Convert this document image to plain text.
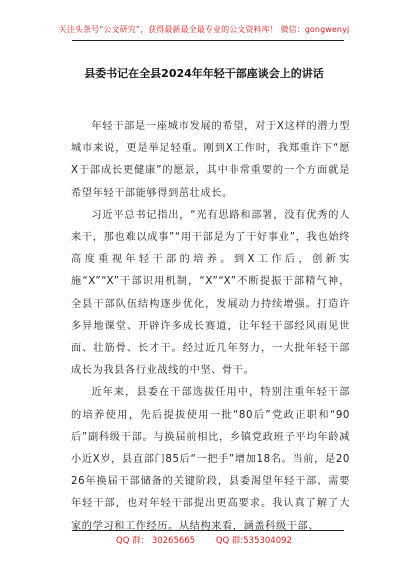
关注头条号“公文研究”，获得最新最全最专业的公文资料库！ 微信：gongwenyj
县委书记在全县2024年年轻干部座谈会上的讲话

年轻干部是一座城市发展的希望，对于X这样的潜力型城市来说，更是举足轻重。刚到X工作时，我郑重许下“愿X于部成长更健康”的愿景，其中非常重要的一个方面就是希望年轻干部能够得到茁壮成长。

习近平总书记指出，“光有思路和部署，没有优秀的人来干，那也难以成事”“用干部是为了干好事业”，我也始终高度重视年轻干部的培养。到X工作后，创新实施“X”“X”干部识用机制，“X”“X”不断提振干部精气神，全县干部队伍结构逐步优化，发展动力持续增强。打造许多异地课堂、开辟许多成长赛道，让年轻干部经风雨见世面、壮筋骨、长才干。经过近几年努力，一大批年轻干部成长为我县各行业战线的中坚、骨干。

近年来，县委在干部选拔任用中，特别注重年轻干部的培养使用，先后提拔使用一批“80后”党政正职和“90后”副科级干部。与换届前相比，乡镇党政班子平均年龄减小近X岁，县直部门85后“一把手”增加18名。当前，是2026年换届干部储备的关键阶段，县委渴望年轻干部、需要年轻干部，也对年轻干部提出更高要求。我认真了解了大家的学习和工作经历。从结构来看，涵盖科级干部、

QQ 群： 30265665 QQ 群:535304092
